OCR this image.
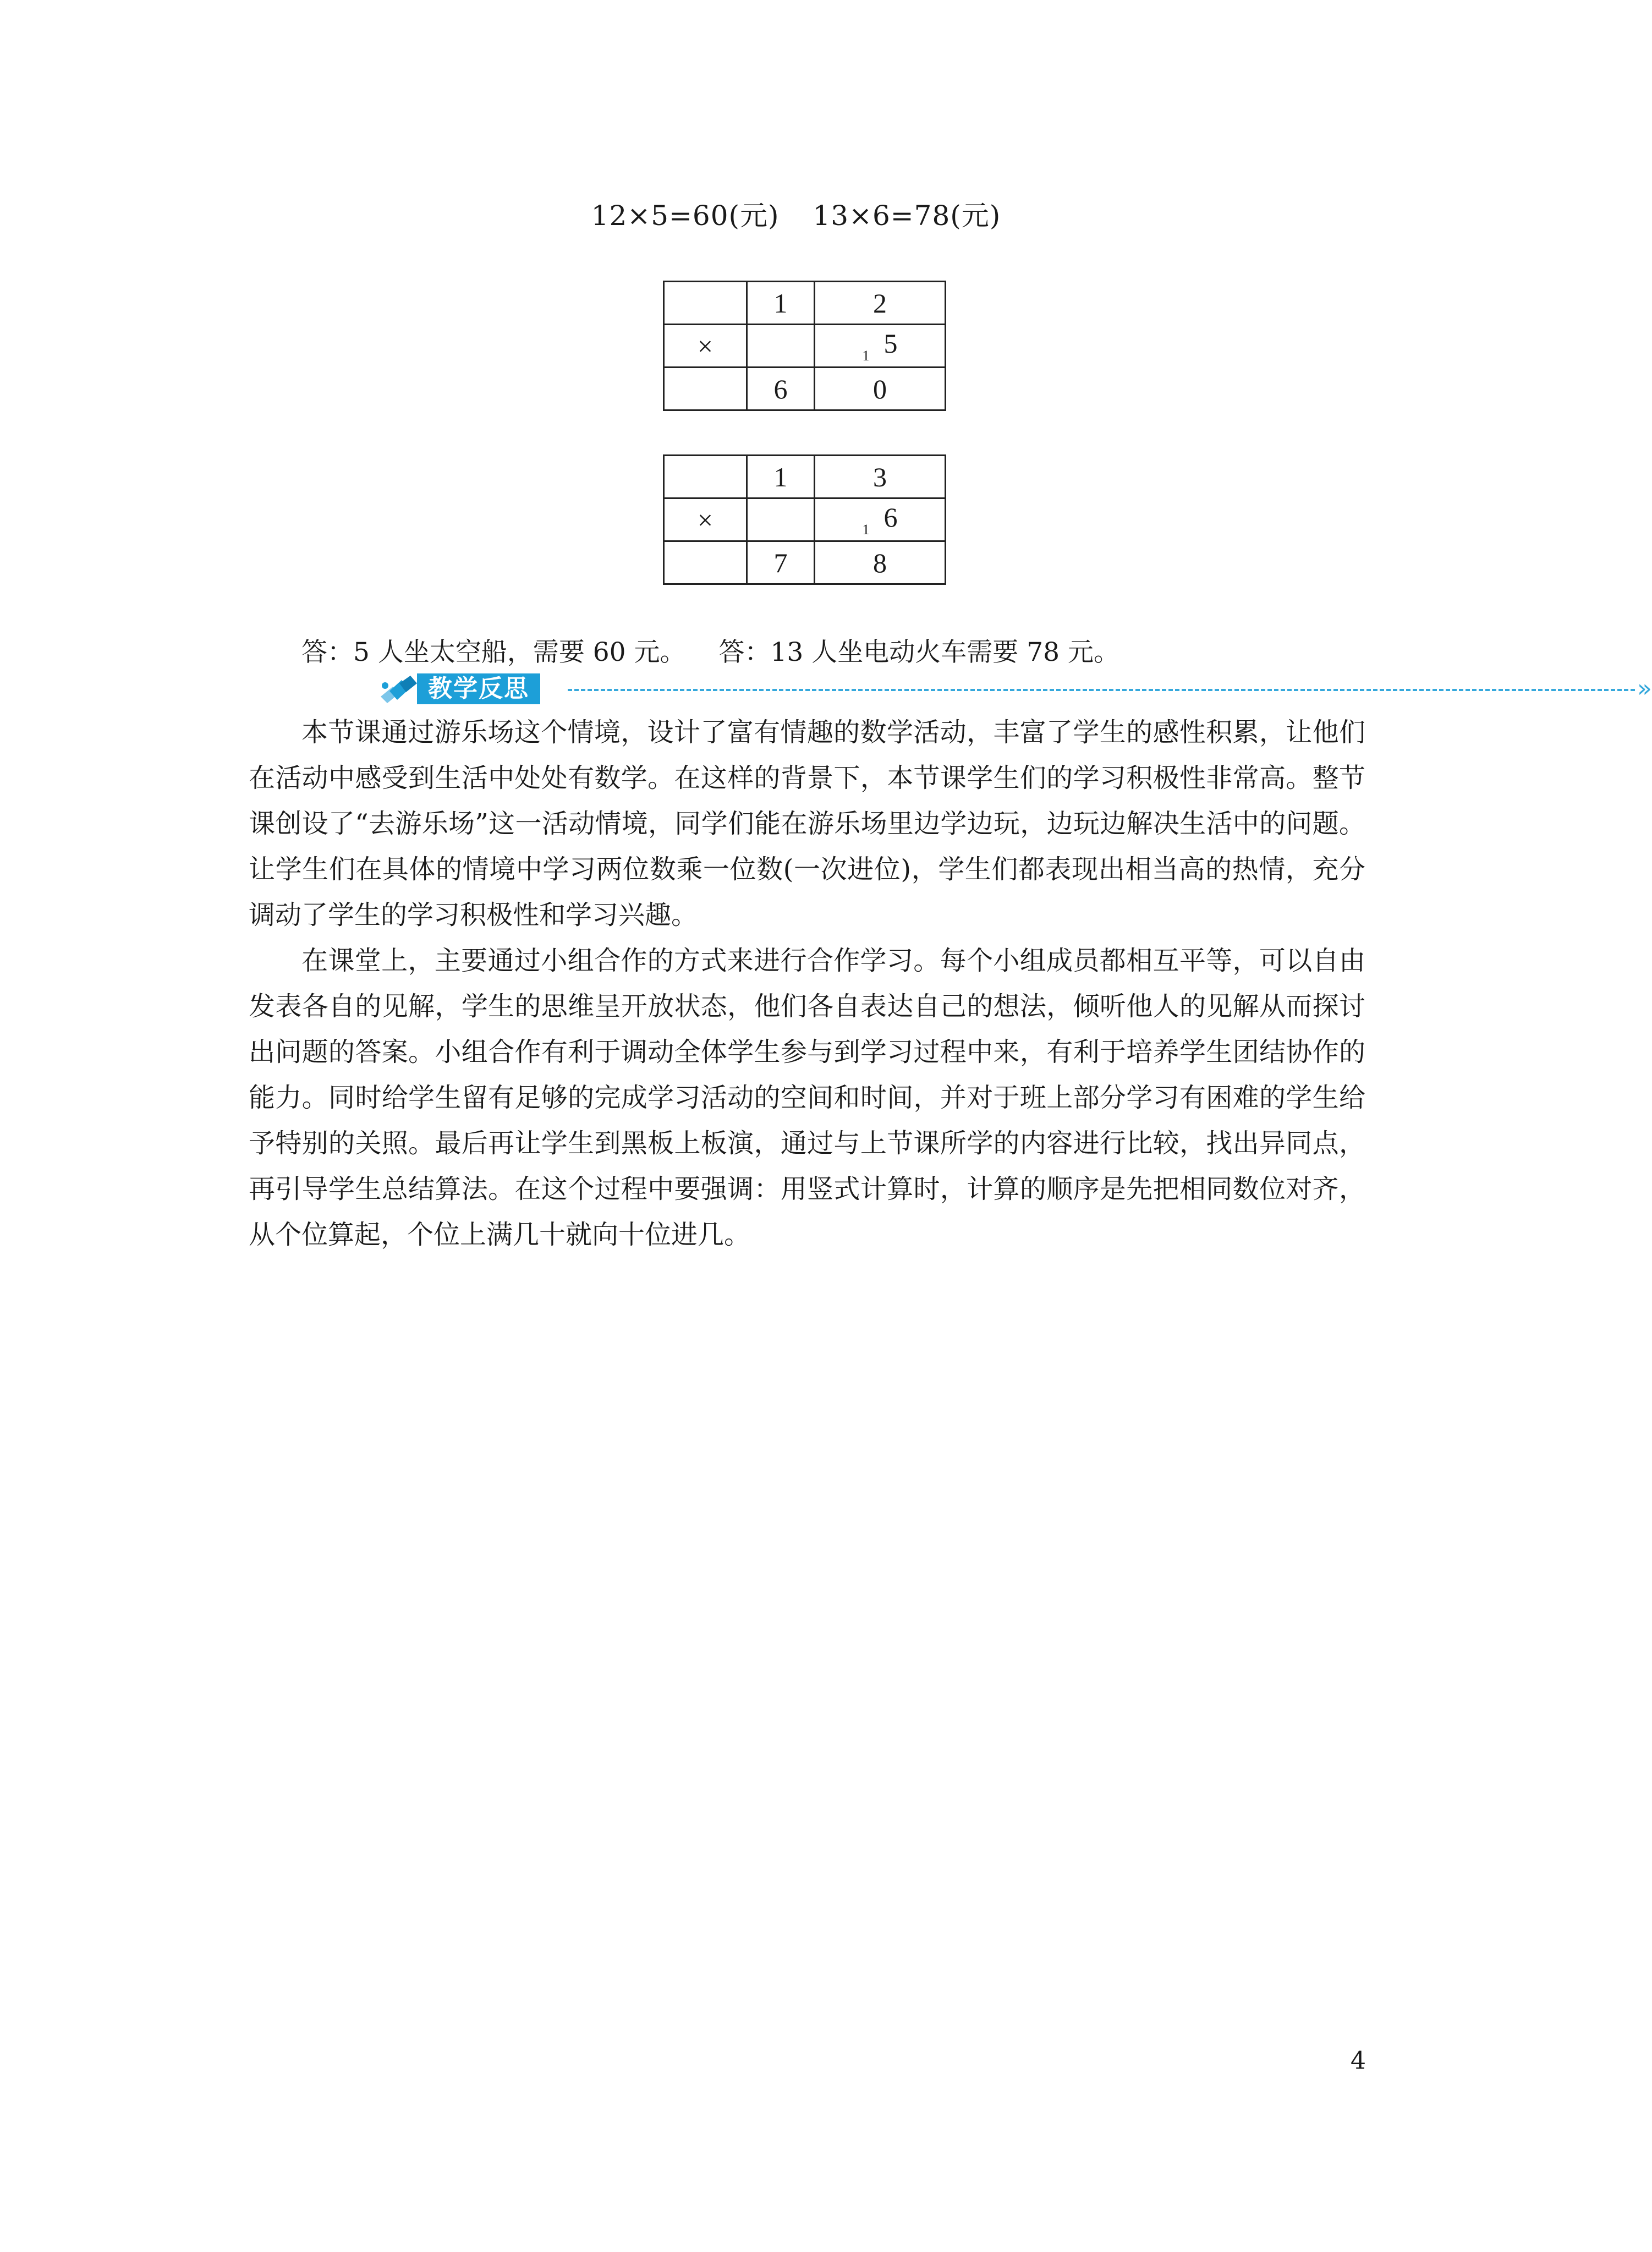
12×5=60(元) 13×6=78(元)
	1	2
×		$_1$ 5
	6	0
	1	3
×		$_1$ 6
	7	8
答：5 人坐太空船，需要 60 元。 答：13 人坐电动火车需要 78 元。
教学反思	»

本节课通过游乐场这个情境，设计了富有情趣的数学活动，丰富了学生的感性积累，让他们在活动中感受到生活中处处有数学。在这样的背景下，本节课学生们的学习积极性非常高。整节课创设了“去游乐场”这一活动情境，同学们能在游乐场里边学边玩，边玩边解决生活中的问题。让学生们在具体的情境中学习两位数乘一位数(一次进位)，学生们都表现出相当高的热情，充分调动了学生的学习积极性和学习兴趣。

在课堂上，主要通过小组合作的方式来进行合作学习。每个小组成员都相互平等，可以自由发表各自的见解，学生的思维呈开放状态，他们各自表达自己的想法，倾听他人的见解从而探讨出问题的答案。小组合作有利于调动全体学生参与到学习过程中来，有利于培养学生团结协作的能力。同时给学生留有足够的完成学习活动的空间和时间，并对于班上部分学习有困难的学生给予特别的关照。最后再让学生到黑板上板演，通过与上节课所学的内容进行比较，找出异同点，再引导学生总结算法。在这个过程中要强调：用竖式计算时，计算的顺序是先把相同数位对齐，从个位算起，个位上满几十就向十位进几。

4
